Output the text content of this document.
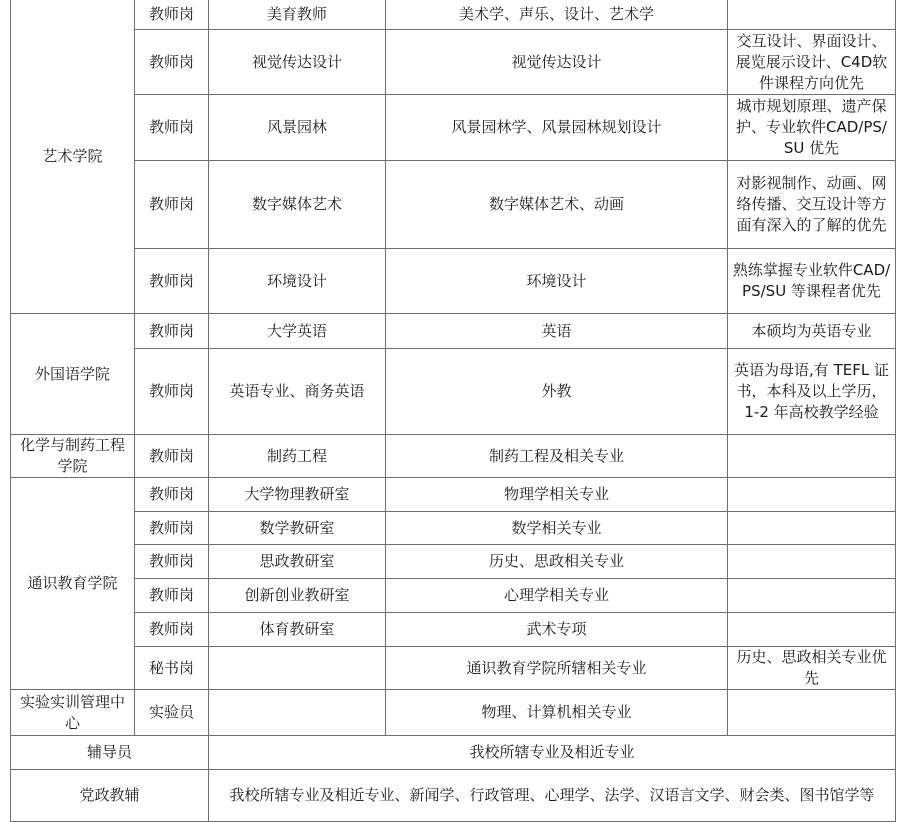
艺术学院	教师岗	美育教师	美术学、声乐、设计、艺术学	
	教师岗	视觉传达设计	视觉传达设计	交互设计、界面设计、展览展示设计、C4D软件课程方向优先
	教师岗	风景园林	风景园林学、风景园林规划设计	城市规划原理、遗产保护、专业软件CAD/PS/SU 优先
	教师岗	数字媒体艺术	数字媒体艺术、动画	对影视制作、动画、网络传播、交互设计等方面有深入的了解的优先
	教师岗	环境设计	环境设计	熟练掌握专业软件CAD/PS/SU 等课程者优先
外国语学院	教师岗	大学英语	英语	本硕均为英语专业
	教师岗	英语专业、商务英语	外教	英语为母语,有 TEFL 证书，本科及以上学历，1-2 年高校教学经验
化学与制药工程学院	教师岗	制药工程	制药工程及相关专业	
通识教育学院	教师岗	大学物理教研室	物理学相关专业	
	教师岗	数学教研室	数学相关专业	
	教师岗	思政教研室	历史、思政相关专业	
	教师岗	创新创业教研室	心理学相关专业	
	教师岗	体育教研室	武术专项	
	秘书岗		通识教育学院所辖相关专业	历史、思政相关专业优先
实验实训管理中心	实验员		物理、计算机相关专业	
辅导员		我校所辖专业及相近专业		
党政教辅		我校所辖专业及相近专业、新闻学、行政管理、心理学、法学、汉语言文学、财会类、图书馆学等		
